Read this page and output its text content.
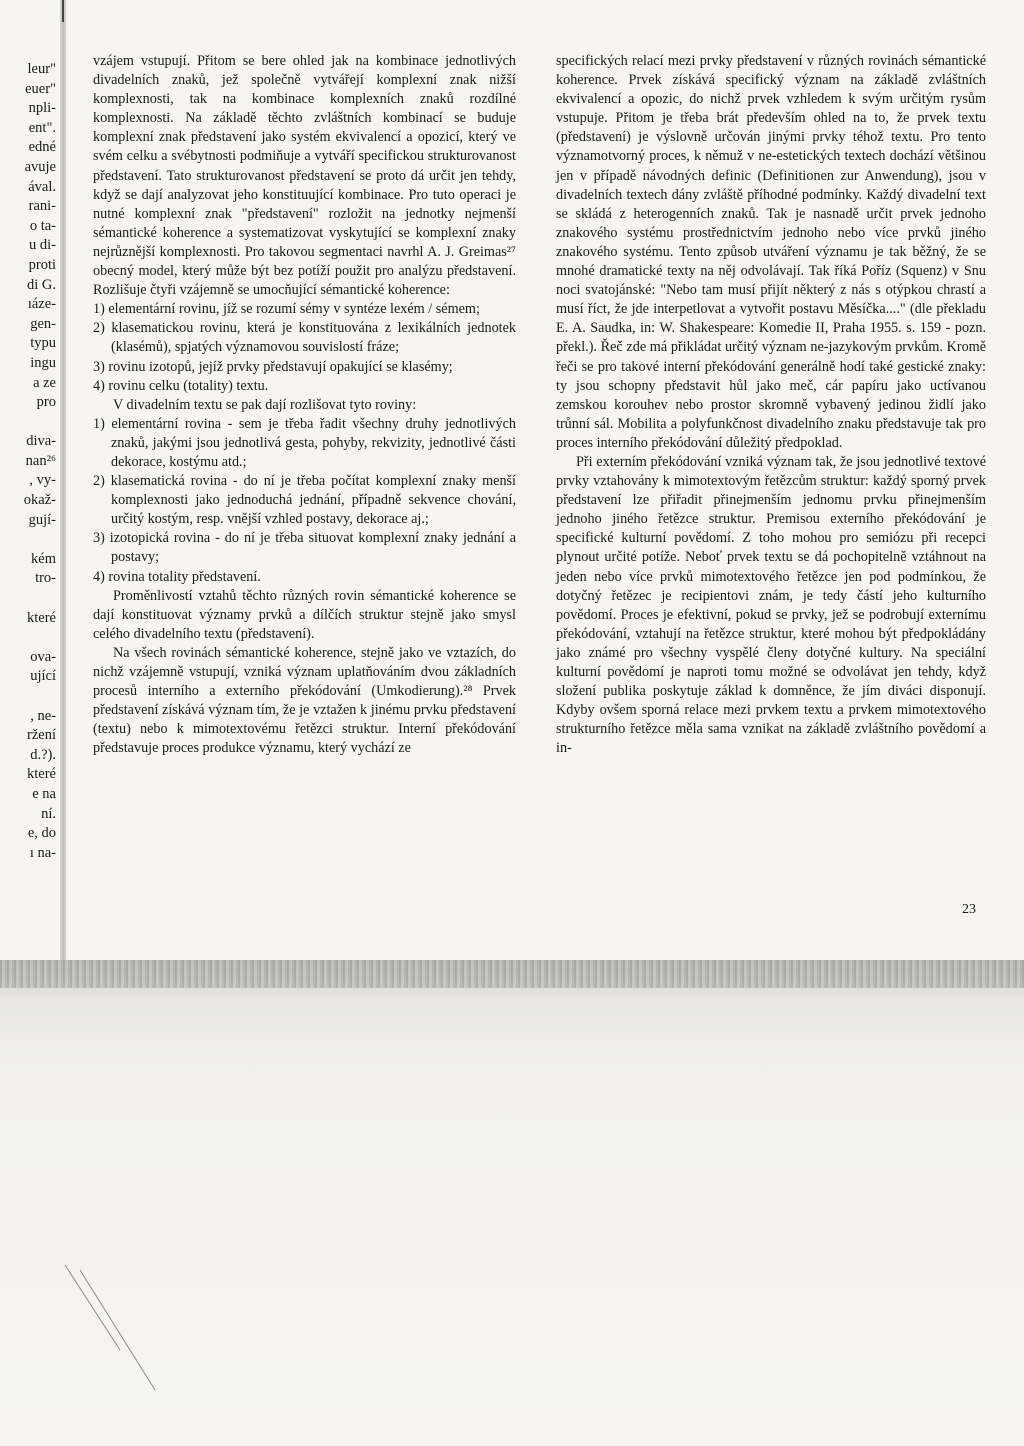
leur"
euer"
npli-
ent".
edné
avuje
ával.
rani-
o ta-
u di-
proti
di G.
ıáze-
gen-
typu
ingu
a ze
pro
diva-
nan²⁶
, vy-
okaž-
gují-
kém
tro-
které
ova-
ující
, ne-
ržení
d.?).
které
e na
ní.
e, do
ı na-

vzájem vstupují. Přitom se bere ohled jak na kombinace jednotlivých divadelních znaků, jež společně vytvářejí komplexní znak nižší komplexnosti, tak na kombinace komplexních znaků rozdílné komplexnosti. Na základě těchto zvláštních kombinací se buduje komplexní znak představení jako systém ekvivalencí a opozicí, který ve svém celku a svébytnosti podmiňuje a vytváří specifickou strukturovanost představení. Tato strukturovanost představení se proto dá určit jen tehdy, když se dají analyzovat jeho konstituující kombinace. Pro tuto operaci je nutné komplexní znak "představení" rozložit na jednotky nejmenší sémantické koherence a systematizovat vyskytující se komplexní znaky nejrůznější komplexnosti. Pro takovou segmentaci navrhl A. J. Greimas²⁷ obecný model, který může být bez potíží použit pro analýzu představení. Rozlišuje čtyři vzájemně se umocňující sémantické koherence:

1) elementární rovinu, jíž se rozumí sémy v syntéze lexém / sémem;
2) klasematickou rovinu, která je konstituována z lexikálních jednotek (klasémů), spjatých významovou souvislostí fráze;
3) rovinu izotopů, jejíž prvky představují opakující se klasémy;
4) rovinu celku (totality) textu.

V divadelním textu se pak dají rozlišovat tyto roviny:

1) elementární rovina - sem je třeba řadit všechny druhy jednotlivých znaků, jakými jsou jednotlivá gesta, pohyby, rekvizity, jednotlivé části dekorace, kostýmu atd.;
2) klasematická rovina - do ní je třeba počítat komplexní znaky menší komplexnosti jako jednoduchá jednání, případně sekvence chování, určitý kostým, resp. vnější vzhled postavy, dekorace aj.;
3) izotopická rovina - do ní je třeba situovat komplexní znaky jednání a postavy;
4) rovina totality představení.

Proměnlivostí vztahů těchto různých rovin sémantické koherence se dají konstituovat významy prvků a dílčích struktur stejně jako smysl celého divadelního textu (představení).

Na všech rovinách sémantické koherence, stejně jako ve vztazích, do nichž vzájemně vstupují, vzniká význam uplatňováním dvou základních procesů interního a externího překódování (Umkodierung).²⁸ Prvek představení získává význam tím, že je vztažen k jinému prvku představení (textu) nebo k mimotextovému řetězci struktur. Interní překódování představuje proces produkce významu, který vychází ze

specifických relací mezi prvky představení v různých rovinách sémantické koherence. Prvek získává specifický význam na základě zvláštních ekvivalencí a opozic, do nichž prvek vzhledem k svým určitým rysům vstupuje. Přitom je třeba brát především ohled na to, že prvek textu (představení) je výslovně určován jinými prvky téhož textu. Pro tento významotvorný proces, k němuž v ne-estetických textech dochází většinou jen v případě návodných definic (Definitionen zur Anwendung), jsou v divadelních textech dány zvláště příhodné podmínky. Každý divadelní text se skládá z heterogenních znaků. Tak je nasnadě určit prvek jednoho znakového systému prostřednictvím jednoho nebo více prvků jiného znakového systému. Tento způsob utváření významu je tak běžný, že se mnohé dramatické texty na něj odvolávají. Tak říká Poříz (Squenz) v Snu noci svatojánské: "Nebo tam musí přijít některý z nás s otýpkou chrastí a musí říct, že jde interpetlovat a vytvořit postavu Měsíčka...." (dle překladu E. A. Saudka, in: W. Shakespeare: Komedie II, Praha 1955. s. 159 - pozn. překl.). Řeč zde má přikládat určitý význam ne-jazykovým prvkům. Kromě řeči se pro takové interní překódování generálně hodí také gestické znaky: ty jsou schopny představit hůl jako meč, cár papíru jako uctívanou zemskou korouhev nebo prostor skromně vybavený jedinou židlí jako trůnní sál. Mobilita a polyfunkčnost divadelního znaku představuje tak pro proces interního překódování důležitý předpoklad.

Při externím překódování vzniká význam tak, že jsou jednotlivé textové prvky vztahovány k mimotextovým řetězcům struktur: každý sporný prvek představení lze přiřadit přinejmenším jednomu prvku přinejmenším jednoho jiného řetězce struktur. Premisou externího překódování je specifické kulturní povědomí. Z toho mohou pro semiózu při recepci plynout určité potíže. Neboť prvek textu se dá pochopitelně vztáhnout na jeden nebo více prvků mimotextového řetězce jen pod podmínkou, že dotyčný řetězec je recipientovi znám, je tedy částí jeho kulturního povědomí. Proces je efektivní, pokud se prvky, jež se podrobují externímu překódování, vztahují na řetězce struktur, které mohou být předpokládány jako známé pro všechny vyspělé členy dotyčné kultury. Na speciální kulturní povědomí je naproti tomu možné se odvolávat jen tehdy, když složení publika poskytuje základ k domněnce, že jím diváci disponují. Kdyby ovšem sporná relace mezi prvkem textu a prvkem mimotextového strukturního řetězce měla sama vznikat na základě zvláštního povědomí a in-

23
